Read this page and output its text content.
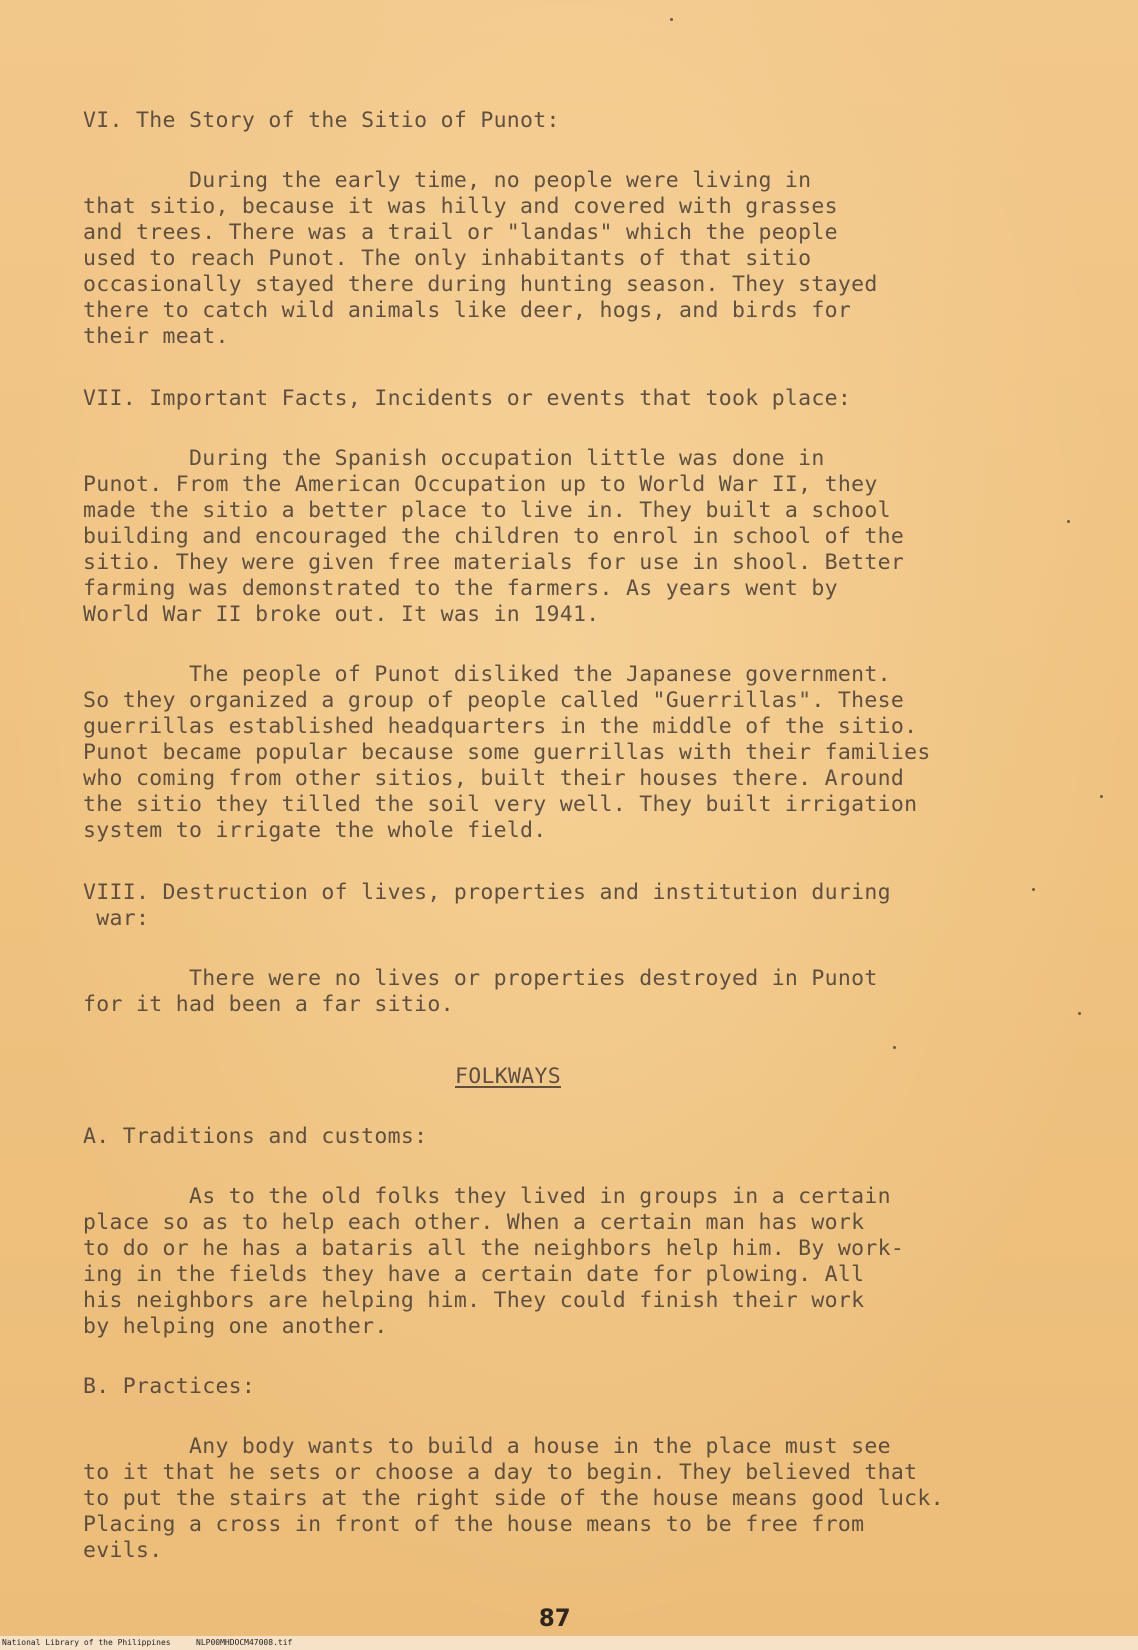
VI. The Story of the Sitio of Punot:
During the early time, no people were living in
that sitio, because it was hilly and covered with grasses
and trees. There was a trail or "landas" which the people
used to reach Punot. The only inhabitants of that sitio
occasionally stayed there during hunting season. They stayed
there to catch wild animals like deer, hogs, and birds for
their meat.
VII. Important Facts, Incidents or events that took place:
During the Spanish occupation little was done in
Punot. From the American Occupation up to World War II, they
made the sitio a better place to live in. They built a school
building and encouraged the children to enrol in school of the
sitio. They were given free materials for use in shool. Better
farming was demonstrated to the farmers. As years went by
World War II broke out. It was in 1941.
The people of Punot disliked the Japanese government.
So they organized a group of people called "Guerrillas". These
guerrillas established headquarters in the middle of the sitio.
Punot became popular because some guerrillas with their families
who coming from other sitios, built their houses there. Around
the sitio they tilled the soil very well. They built irrigation
system to irrigate the whole field.
VIII. Destruction of lives, properties and institution during
war:
There were no lives or properties destroyed in Punot
for it had been a far sitio.
FOLKWAYS
A. Traditions and customs:
As to the old folks they lived in groups in a certain
place so as to help each other. When a certain man has work
to do or he has a bataris all the neighbors help him. By work-
ing in the fields they have a certain date for plowing. All
his neighbors are helping him. They could finish their work
by helping one another.
B. Practices:
Any body wants to build a house in the place must see
to it that he sets or choose a day to begin. They believed that
to put the stairs at the right side of the house means good luck.
Placing a cross in front of the house means to be free from
evils.
87
National Library of the Philippines	NLP00MHDOCM47008.tif
